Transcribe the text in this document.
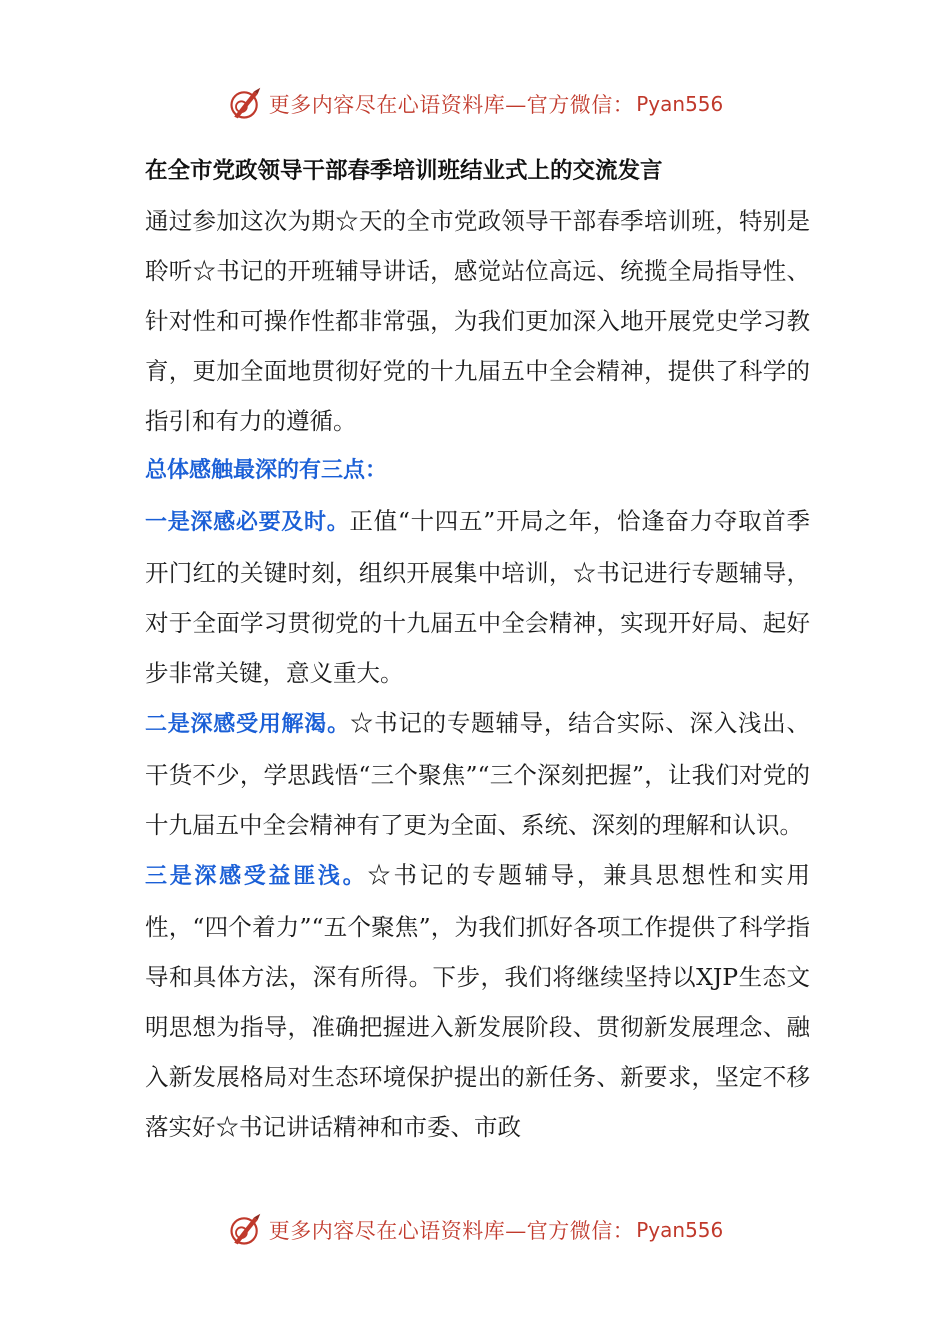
更多内容尽在心语资料库—官方微信： Pyan556

在全市党政领导干部春季培训班结业式上的交流发言

通过参加这次为期☆天的全市党政领导干部春季培训班，特别是聆听☆书记的开班辅导讲话，感觉站位高远、统揽全局指导性、针对性和可操作性都非常强，为我们更加深入地开展党史学习教育，更加全面地贯彻好党的十九届五中全会精神，提供了科学的指引和有力的遵循。

总体感触最深的有三点：

一是深感必要及时。正值“十四五”开局之年，恰逢奋力夺取首季开门红的关键时刻，组织开展集中培训，☆书记进行专题辅导，对于全面学习贯彻党的十九届五中全会精神，实现开好局、起好步非常关键，意义重大。

二是深感受用解渴。☆书记的专题辅导，结合实际、深入浅出、干货不少，学思践悟“三个聚焦”“三个深刻把握”，让我们对党的十九届五中全会精神有了更为全面、系统、深刻的理解和认识。

三是深感受益匪浅。☆书记的专题辅导，兼具思想性和实用性，“四个着力”“五个聚焦”，为我们抓好各项工作提供了科学指导和具体方法，深有所得。下步，我们将继续坚持以XJP生态文明思想为指导，准确把握进入新发展阶段、贯彻新发展理念、融入新发展格局对生态环境保护提出的新任务、新要求，坚定不移落实好☆书记讲话精神和市委、市政

更多内容尽在心语资料库—官方微信： Pyan556
